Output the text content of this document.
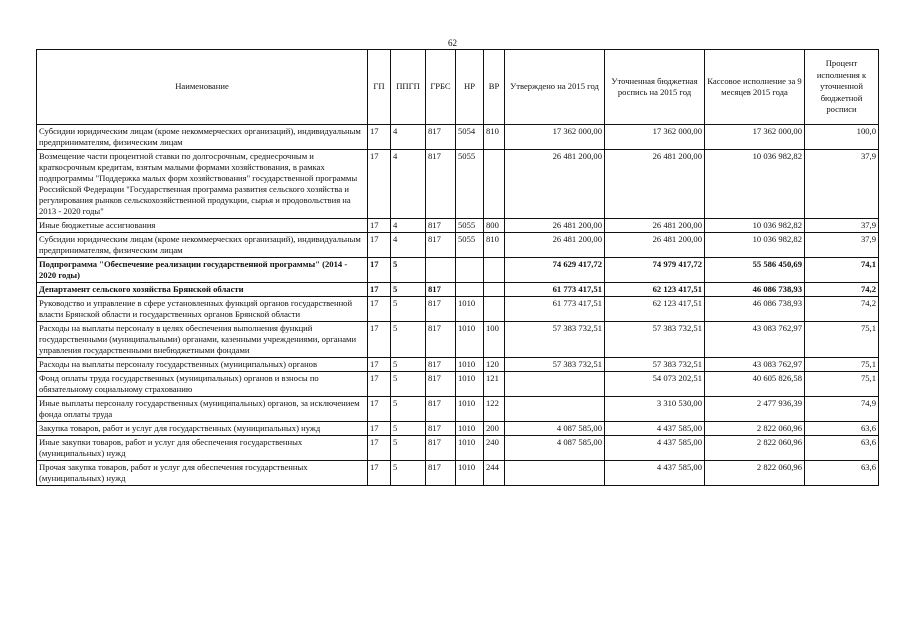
62
Наименование	ГП	ППГП	ГРБС	НР	ВР	Утверждено на 2015 год	Уточненная бюджетная роспись на 2015 год	Кассовое исполнение за 9 месяцев 2015 года	Процент исполнения к уточненной бюджетной росписи
Субсидии юридическим лицам (кроме некоммерческих организаций), индивидуальным предпринимателям, физическим лицам	17	4	817	5054	810	17 362 000,00	17 362 000,00	17 362 000,00	100,0
Возмещение части процентной ставки по долгосрочным, среднесрочным и краткосрочным кредитам, взятым малыми формами хозяйствования, в рамках подпрограммы "Поддержка малых форм хозяйствования" государственной программы Российской Федерации "Государственная программа развития сельского хозяйства и регулирования рынков сельскохозяйственной продукции, сырья и продовольствия на 2013 - 2020 годы"	17	4	817	5055		26 481 200,00	26 481 200,00	10 036 982,82	37,9
Иные бюджетные ассигнования	17	4	817	5055	800	26 481 200,00	26 481 200,00	10 036 982,82	37,9
Субсидии юридическим лицам (кроме некоммерческих организаций), индивидуальным предпринимателям, физическим лицам	17	4	817	5055	810	26 481 200,00	26 481 200,00	10 036 982,82	37,9
Подпрограмма "Обеспечение реализации государственной программы" (2014 - 2020 годы)	17	5				74 629 417,72	74 979 417,72	55 586 450,69	74,1
Департамент сельского хозяйства Брянской области	17	5	817			61 773 417,51	62 123 417,51	46 086 738,93	74,2
Руководство и управление в сфере установленных функций органов государственной власти Брянской области и государственных органов Брянской области	17	5	817	1010		61 773 417,51	62 123 417,51	46 086 738,93	74,2
Расходы на выплаты персоналу в целях обеспечения выполнения функций государственными (муниципальными) органами, казенными учреждениями, органами управления государственными внебюджетными фондами	17	5	817	1010	100	57 383 732,51	57 383 732,51	43 083 762,97	75,1
Расходы на выплаты персоналу государственных (муниципальных) органов	17	5	817	1010	120	57 383 732,51	57 383 732,51	43 083 762,97	75,1
Фонд оплаты труда государственных (муниципальных) органов и взносы по обязательному социальному страхованию	17	5	817	1010	121		54 073 202,51	40 605 826,58	75,1
Иные выплаты персоналу государственных (муниципальных) органов, за исключением фонда оплаты труда	17	5	817	1010	122		3 310 530,00	2 477 936,39	74,9
Закупка товаров, работ и услуг для государственных (муниципальных) нужд	17	5	817	1010	200	4 087 585,00	4 437 585,00	2 822 060,96	63,6
Иные закупки товаров, работ и услуг для обеспечения государственных (муниципальных) нужд	17	5	817	1010	240	4 087 585,00	4 437 585,00	2 822 060,96	63,6
Прочая закупка товаров, работ и услуг для обеспечения государственных (муниципальных) нужд	17	5	817	1010	244		4 437 585,00	2 822 060,96	63,6
